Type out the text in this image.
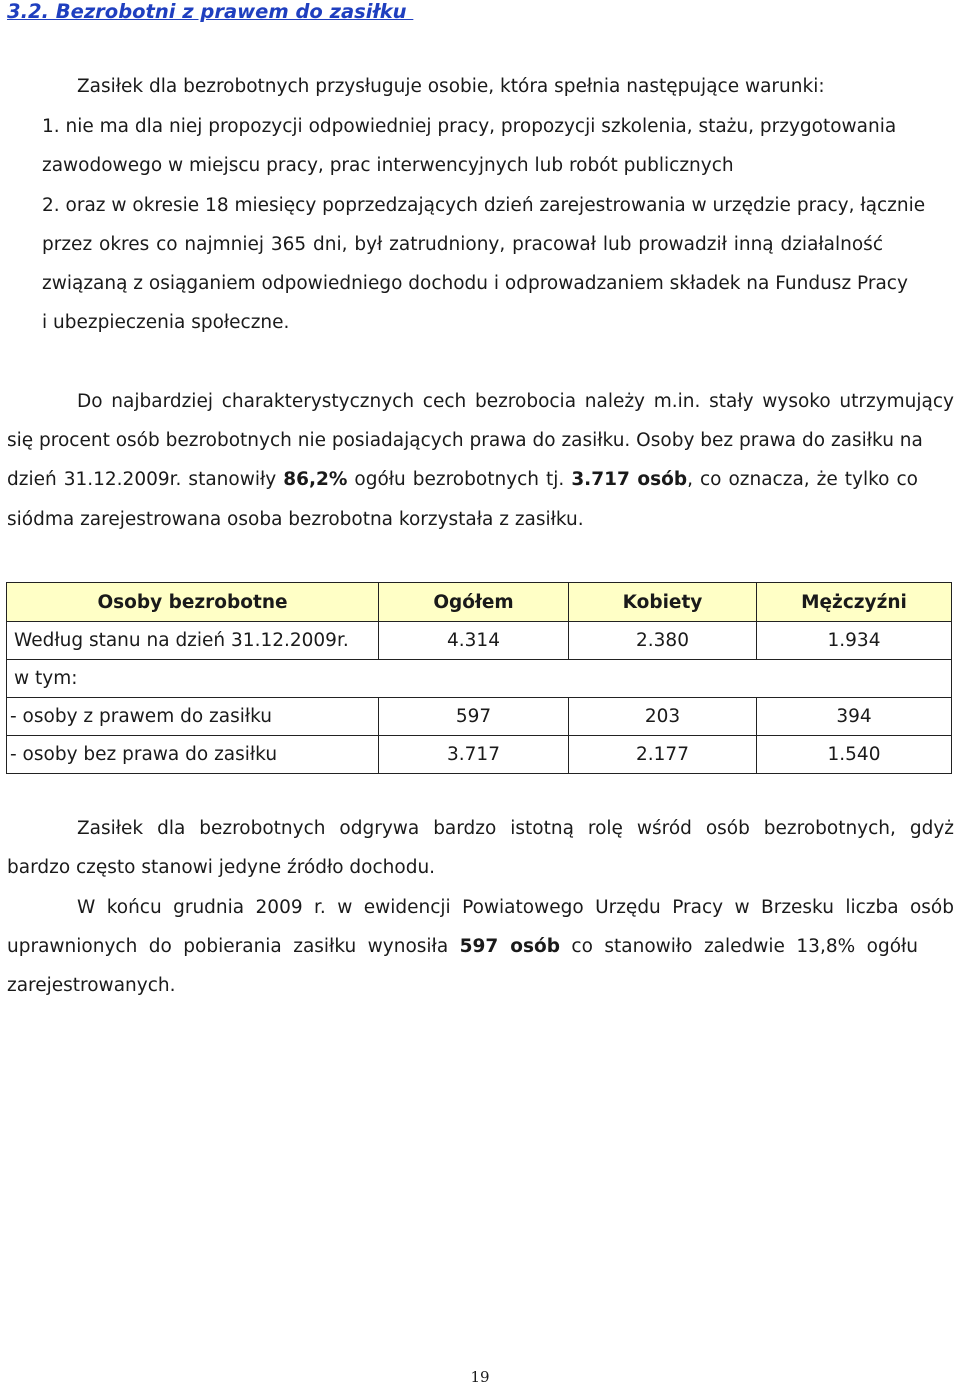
3.2. Bezrobotni z prawem do zasiłku
Zasiłek dla bezrobotnych przysługuje osobie, która spełnia następujące warunki:
1. nie ma dla niej propozycji odpowiedniej pracy, propozycji szkolenia, stażu, przygotowania
zawodowego w miejscu pracy, prac interwencyjnych lub robót publicznych
2. oraz w okresie 18 miesięcy poprzedzających dzień zarejestrowania w urzędzie pracy, łącznie
przez okres co najmniej 365 dni, był zatrudniony, pracował lub prowadził inną działalność
związaną z osiąganiem odpowiedniego dochodu i odprowadzaniem składek na Fundusz Pracy
i ubezpieczenia społeczne.
Do najbardziej charakterystycznych cech bezrobocia należy m.in. stały wysoko utrzymujący
się procent osób bezrobotnych nie posiadających prawa do zasiłku. Osoby bez prawa do zasiłku na
dzień 31.12.2009r. stanowiły 86,2% ogółu bezrobotnych tj. 3.717 osób, co oznacza, że tylko co
siódma zarejestrowana osoba bezrobotna korzystała z zasiłku.
Osoby bezrobotne	Ogółem	Kobiety	Mężczyźni
Według stanu na dzień 31.12.2009r.	4.314	2.380	1.934
w tym:			
- osoby z prawem do zasiłku	597	203	394
- osoby bez prawa do zasiłku	3.717	2.177	1.540
Zasiłek dla bezrobotnych odgrywa bardzo istotną rolę wśród osób bezrobotnych, gdyż
bardzo często stanowi jedyne źródło dochodu.
W końcu grudnia 2009 r. w ewidencji Powiatowego Urzędu Pracy w Brzesku liczba osób
uprawnionych do pobierania zasiłku wynosiła 597 osób co stanowiło zaledwie 13,8% ogółu
zarejestrowanych.
19
